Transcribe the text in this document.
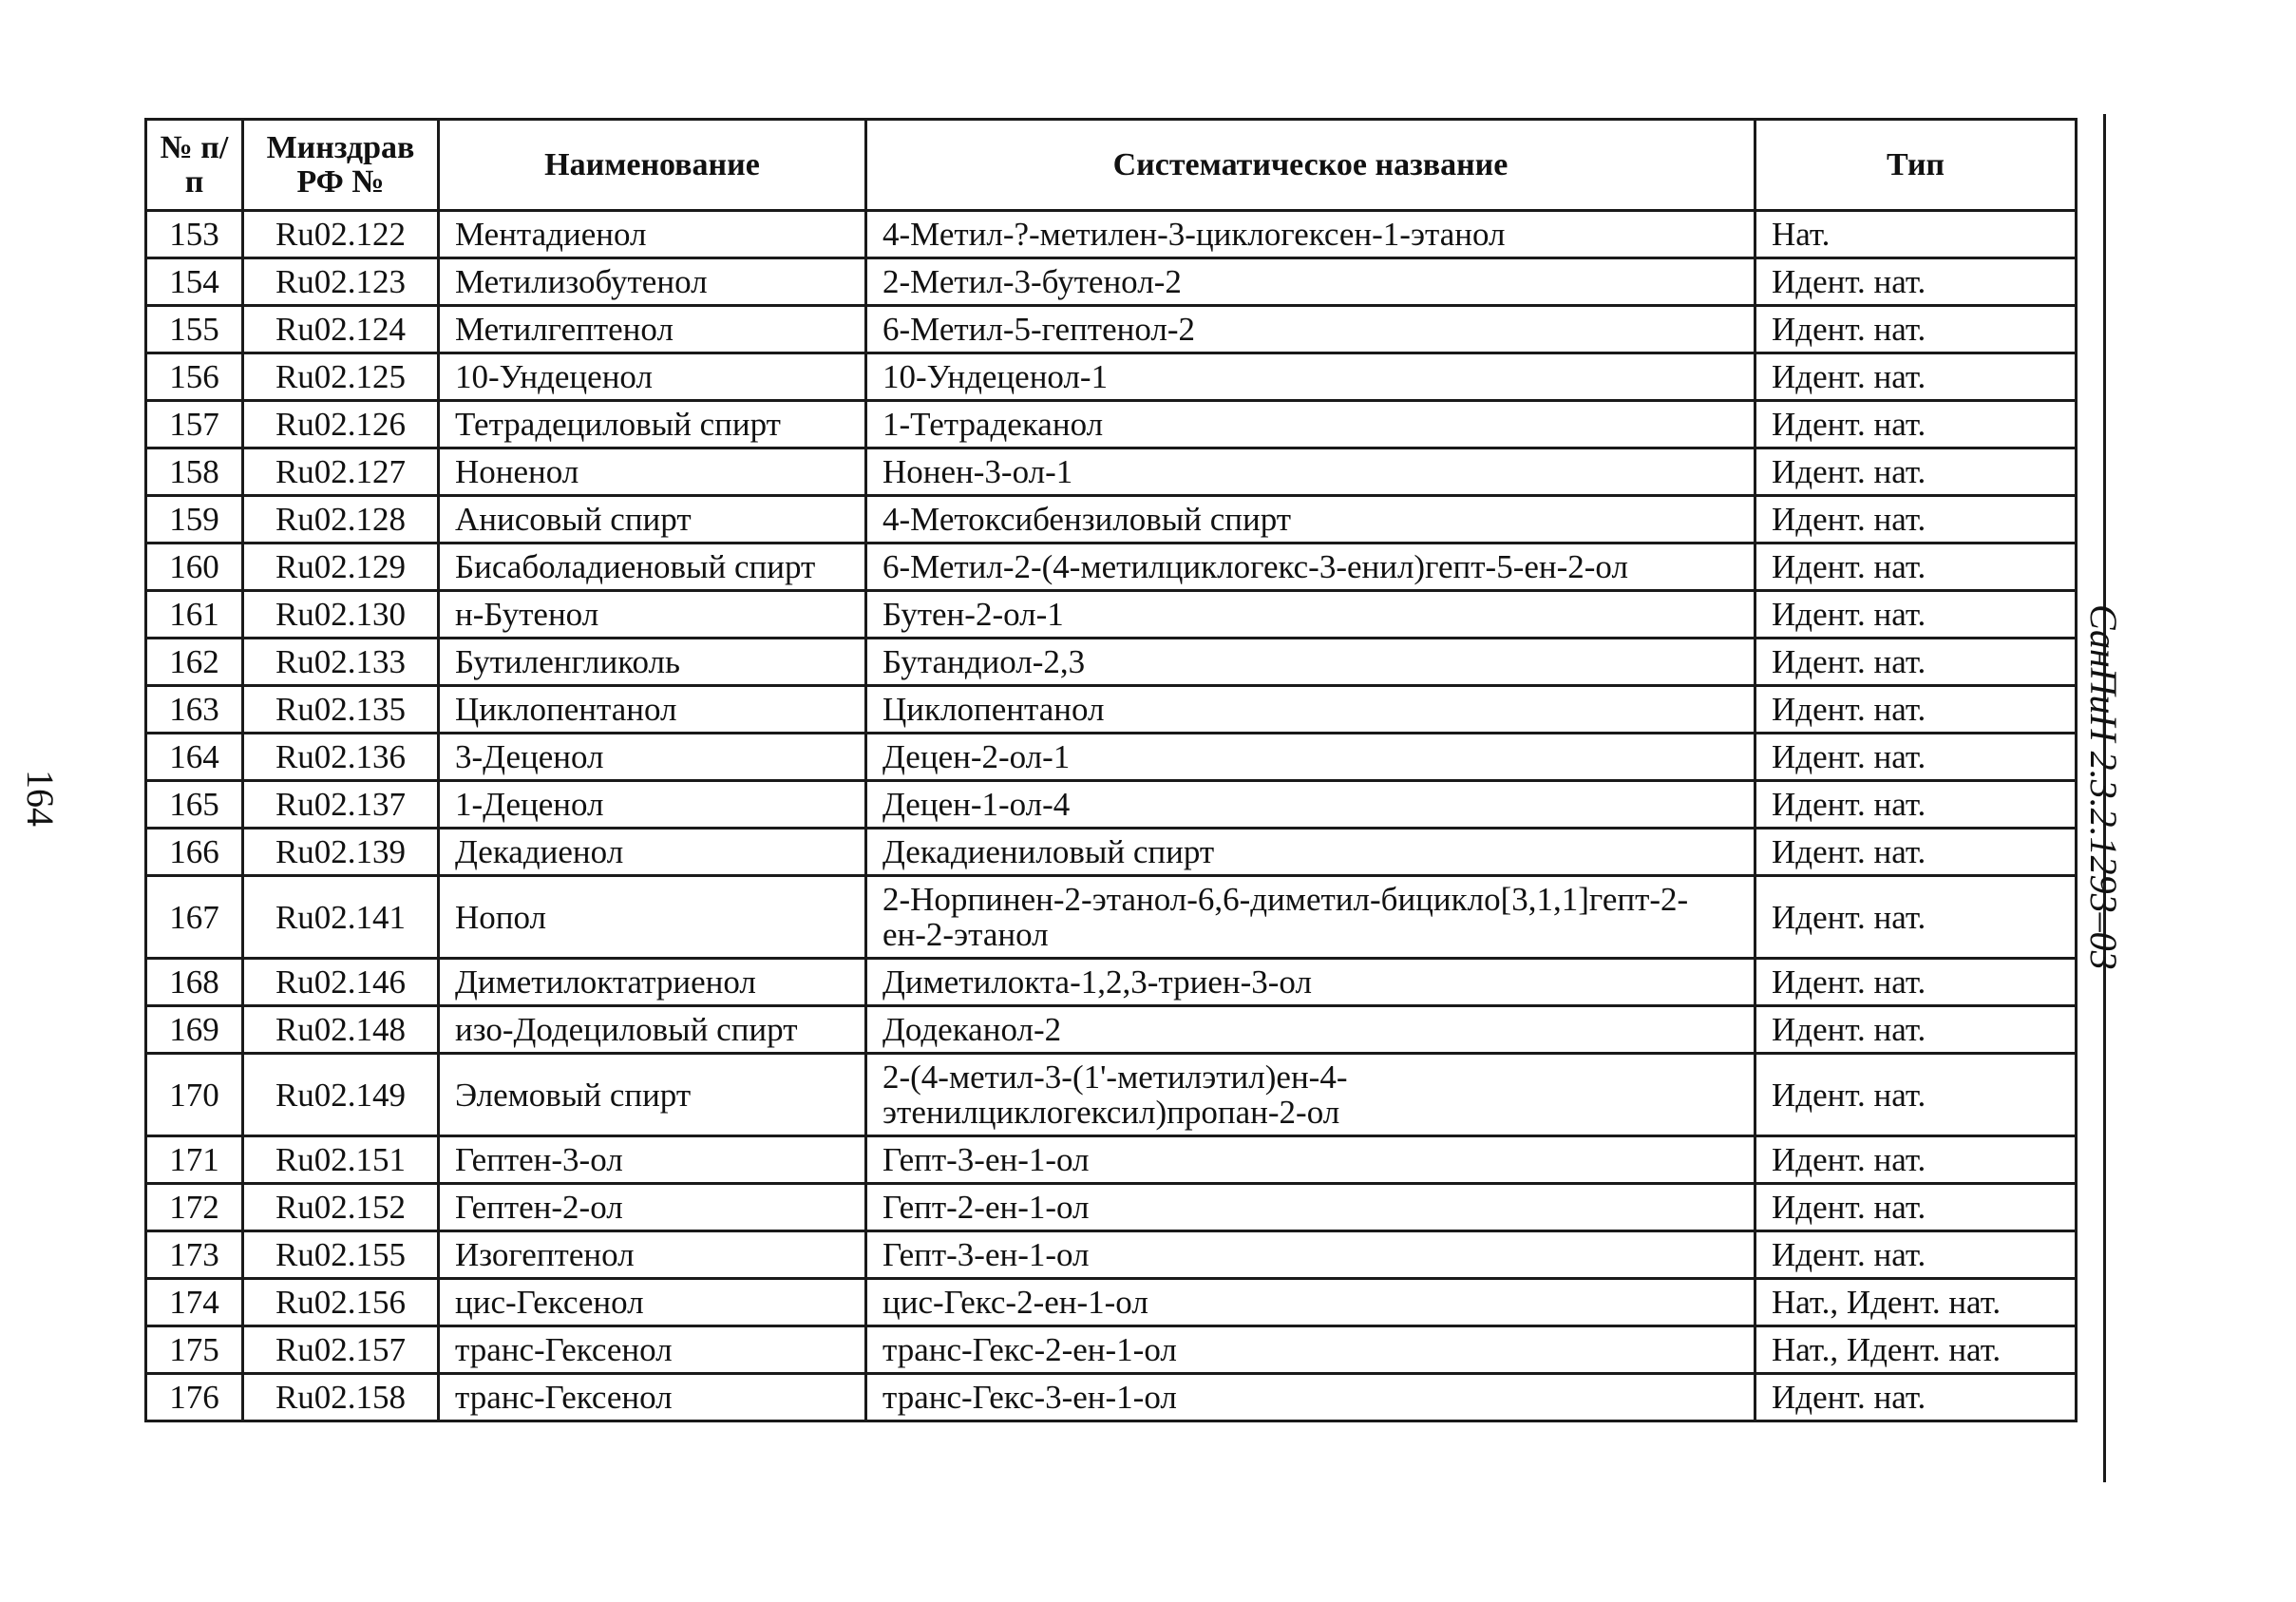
164
№ п/п	Минздрав РФ №	Наименование	Систематическое название	Тип
153	Ru02.122	Ментадиенол	4-Метил-?-метилен-3-циклогексен-1-этанол	Нат.
154	Ru02.123	Метилизобутенол	2-Метил-3-бутенол-2	Идент. нат.
155	Ru02.124	Метилгептенол	6-Метил-5-гептенол-2	Идент. нат.
156	Ru02.125	10-Ундеценол	10-Ундеценол-1	Идент. нат.
157	Ru02.126	Тетрадециловый спирт	1-Тетрадеканол	Идент. нат.
158	Ru02.127	Ноненол	Нонен-3-ол-1	Идент. нат.
159	Ru02.128	Анисовый спирт	4-Метоксибензиловый спирт	Идент. нат.
160	Ru02.129	Бисаболадиеновый спирт	6-Метил-2-(4-метилциклогекс-3-енил)гепт-5-ен-2-ол	Идент. нат.
161	Ru02.130	н-Бутенол	Бутен-2-ол-1	Идент. нат.
162	Ru02.133	Бутиленгликоль	Бутандиол-2,3	Идент. нат.
163	Ru02.135	Циклопентанол	Циклопентанол	Идент. нат.
164	Ru02.136	3-Деценол	Децен-2-ол-1	Идент. нат.
165	Ru02.137	1-Деценол	Децен-1-ол-4	Идент. нат.
166	Ru02.139	Декадиенол	Декадиениловый спирт	Идент. нат.
167	Ru02.141	Нопол	2-Норпинен-2-этанол-6,6-диметил-бицикло[3,1,1]гепт-2-ен-2-этанол	Идент. нат.
168	Ru02.146	Диметилоктатриенол	Диметилокта-1,2,3-триен-3-ол	Идент. нат.
169	Ru02.148	изо-Додециловый спирт	Додеканол-2	Идент. нат.
170	Ru02.149	Элемовый спирт	2-(4-метил-3-(1'-метилэтил)ен-4-этенилциклогексил)пропан-2-ол	Идент. нат.
171	Ru02.151	Гептен-3-ол	Гепт-3-ен-1-ол	Идент. нат.
172	Ru02.152	Гептен-2-ол	Гепт-2-ен-1-ол	Идент. нат.
173	Ru02.155	Изогептенол	Гепт-3-ен-1-ол	Идент. нат.
174	Ru02.156	цис-Гексенол	цис-Гекс-2-ен-1-ол	Нат., Идент. нат.
175	Ru02.157	транс-Гексенол	транс-Гекс-2-ен-1-ол	Нат., Идент. нат.
176	Ru02.158	транс-Гексенол	транс-Гекс-3-ен-1-ол	Идент. нат.
СанПиН 2.3.2.1293–03
